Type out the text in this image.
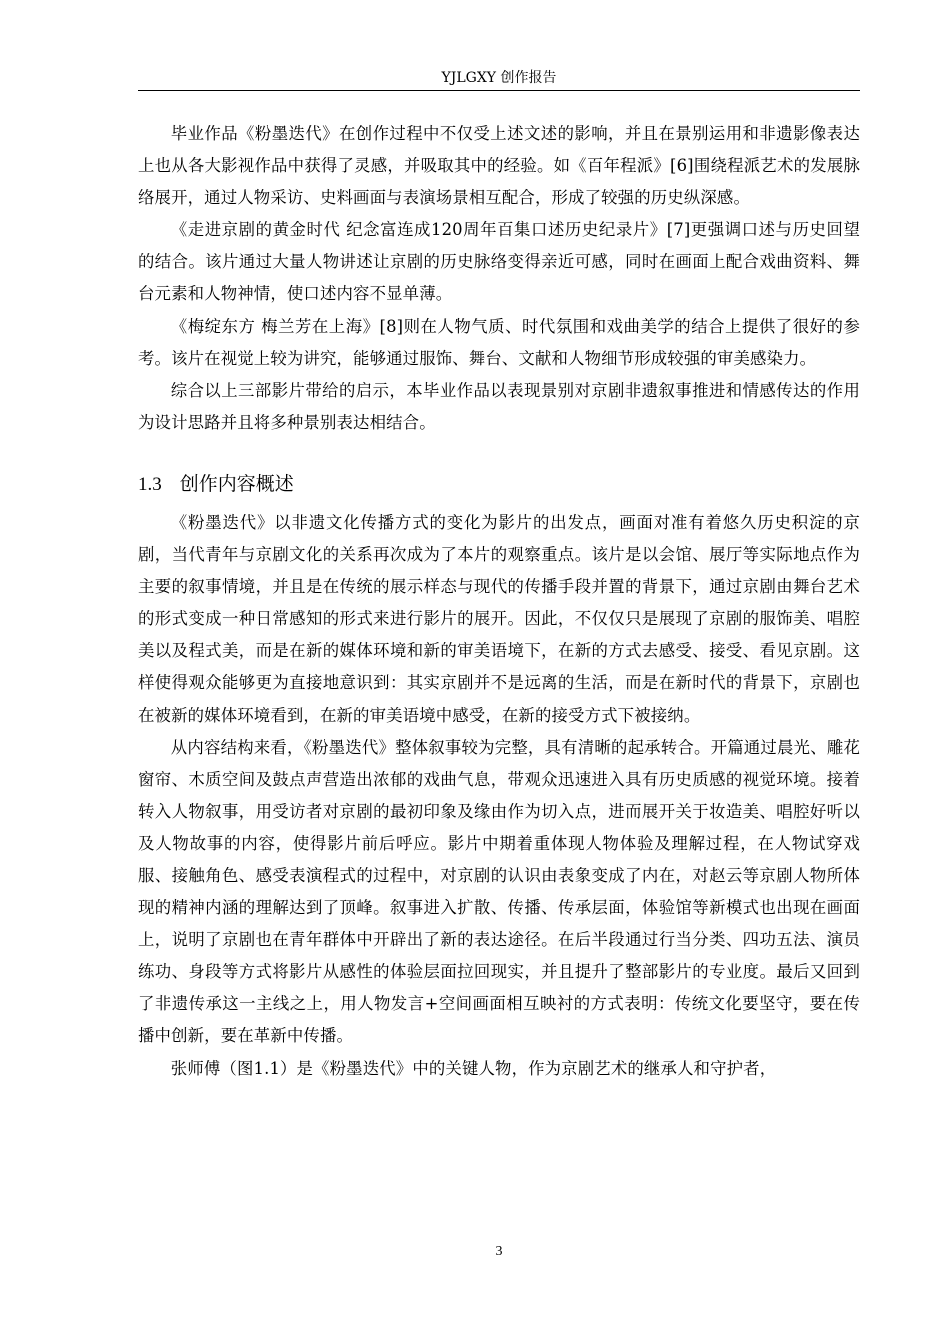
YJLGXY 创作报告

毕业作品《粉墨迭代》在创作过程中不仅受上述文述的影响，并且在景别运用和非遗影像表达上也从各大影视作品中获得了灵感，并吸取其中的经验。如《百年程派》[6]围绕程派艺术的发展脉络展开，通过人物采访、史料画面与表演场景相互配合，形成了较强的历史纵深感。

《走进京剧的黄金时代 纪念富连成120周年百集口述历史纪录片》[7]更强调口述与历史回望的结合。该片通过大量人物讲述让京剧的历史脉络变得亲近可感，同时在画面上配合戏曲资料、舞台元素和人物神情，使口述内容不显单薄。

《梅绽东方 梅兰芳在上海》[8]则在人物气质、时代氛围和戏曲美学的结合上提供了很好的参考。该片在视觉上较为讲究，能够通过服饰、舞台、文献和人物细节形成较强的审美感染力。

综合以上三部影片带给的启示，本毕业作品以表现景别对京剧非遗叙事推进和情感传达的作用为设计思路并且将多种景别表达相结合。

1.3 创作内容概述

《粉墨迭代》以非遗文化传播方式的变化为影片的出发点，画面对准有着悠久历史积淀的京剧，当代青年与京剧文化的关系再次成为了本片的观察重点。该片是以会馆、展厅等实际地点作为主要的叙事情境，并且是在传统的展示样态与现代的传播手段并置的背景下，通过京剧由舞台艺术的形式变成一种日常感知的形式来进行影片的展开。因此，不仅仅只是展现了京剧的服饰美、唱腔美以及程式美，而是在新的媒体环境和新的审美语境下，在新的方式去感受、接受、看见京剧。这样使得观众能够更为直接地意识到：其实京剧并不是远离的生活，而是在新时代的背景下，京剧也在被新的媒体环境看到，在新的审美语境中感受，在新的接受方式下被接纳。

从内容结构来看，《粉墨迭代》整体叙事较为完整，具有清晰的起承转合。开篇通过晨光、雕花窗帘、木质空间及鼓点声营造出浓郁的戏曲气息，带观众迅速进入具有历史质感的视觉环境。接着转入人物叙事，用受访者对京剧的最初印象及缘由作为切入点，进而展开关于妆造美、唱腔好听以及人物故事的内容，使得影片前后呼应。影片中期着重体现人物体验及理解过程，在人物试穿戏服、接触角色、感受表演程式的过程中，对京剧的认识由表象变成了内在，对赵云等京剧人物所体现的精神内涵的理解达到了顶峰。叙事进入扩散、传播、传承层面，体验馆等新模式也出现在画面上，说明了京剧也在青年群体中开辟出了新的表达途径。在后半段通过行当分类、四功五法、演员练功、身段等方式将影片从感性的体验层面拉回现实，并且提升了整部影片的专业度。最后又回到了非遗传承这一主线之上，用人物发言+空间画面相互映衬的方式表明：传统文化要坚守，要在传播中创新，要在革新中传播。

张师傅（图1.1）是《粉墨迭代》中的关键人物，作为京剧艺术的继承人和守护者，

3
